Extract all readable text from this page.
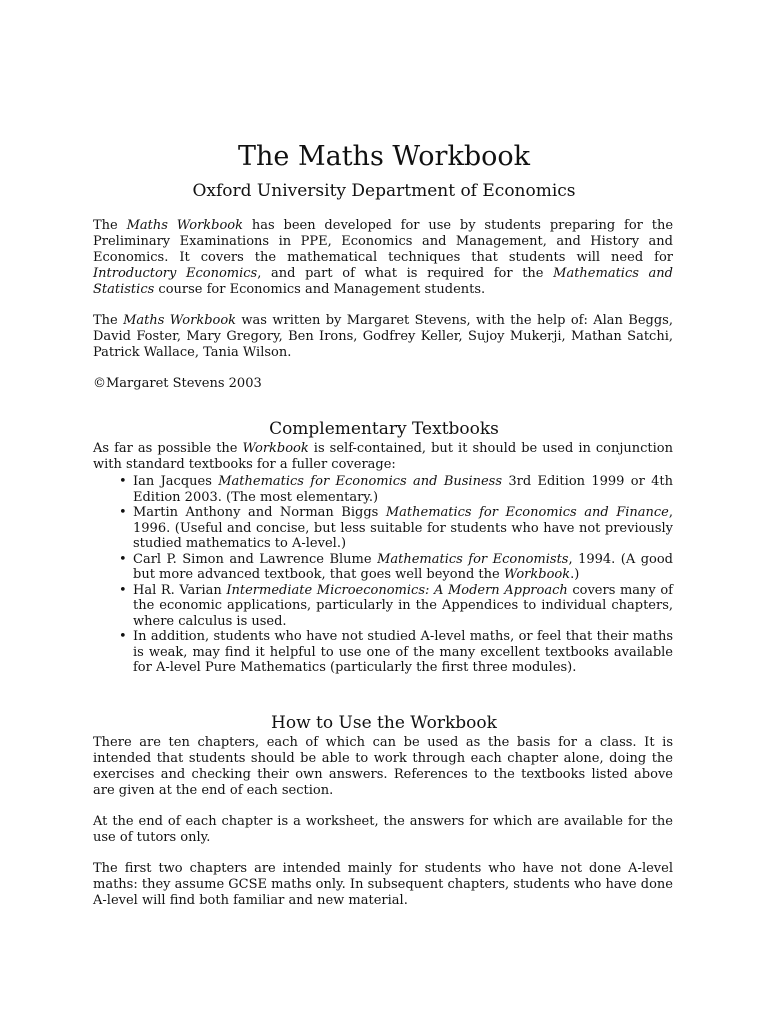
The Maths Workbook
Oxford University Department of Economics

The Maths Workbook has been developed for use by students preparing for the Preliminary Examinations in PPE, Economics and Management, and History and Economics. It covers the mathematical techniques that students will need for Introductory Economics, and part of what is required for the Mathematics and Statistics course for Economics and Management students.

The Maths Workbook was written by Margaret Stevens, with the help of: Alan Beggs, David Foster, Mary Gregory, Ben Irons, Godfrey Keller, Sujoy Mukerji, Mathan Satchi, Patrick Wallace, Tania Wilson.

©Margaret Stevens 2003

Complementary Textbooks

As far as possible the Workbook is self-contained, but it should be used in conjunction with standard textbooks for a fuller coverage:

• Ian Jacques Mathematics for Economics and Business 3rd Edition 1999 or 4th Edition 2003. (The most elementary.)
• Martin Anthony and Norman Biggs Mathematics for Economics and Finance, 1996. (Useful and concise, but less suitable for students who have not previously studied mathematics to A-level.)
• Carl P. Simon and Lawrence Blume Mathematics for Economists, 1994. (A good but more advanced textbook, that goes well beyond the Workbook.)
• Hal R. Varian Intermediate Microeconomics: A Modern Approach covers many of the economic applications, particularly in the Appendices to individual chapters, where calculus is used.
• In addition, students who have not studied A-level maths, or feel that their maths is weak, may find it helpful to use one of the many excellent textbooks available for A-level Pure Mathematics (particularly the first three modules).
How to Use the Workbook

There are ten chapters, each of which can be used as the basis for a class. It is intended that students should be able to work through each chapter alone, doing the exercises and checking their own answers. References to the textbooks listed above are given at the end of each section.

At the end of each chapter is a worksheet, the answers for which are available for the use of tutors only.

The first two chapters are intended mainly for students who have not done A-level maths: they assume GCSE maths only. In subsequent chapters, students who have done A-level will find both familiar and new material.
